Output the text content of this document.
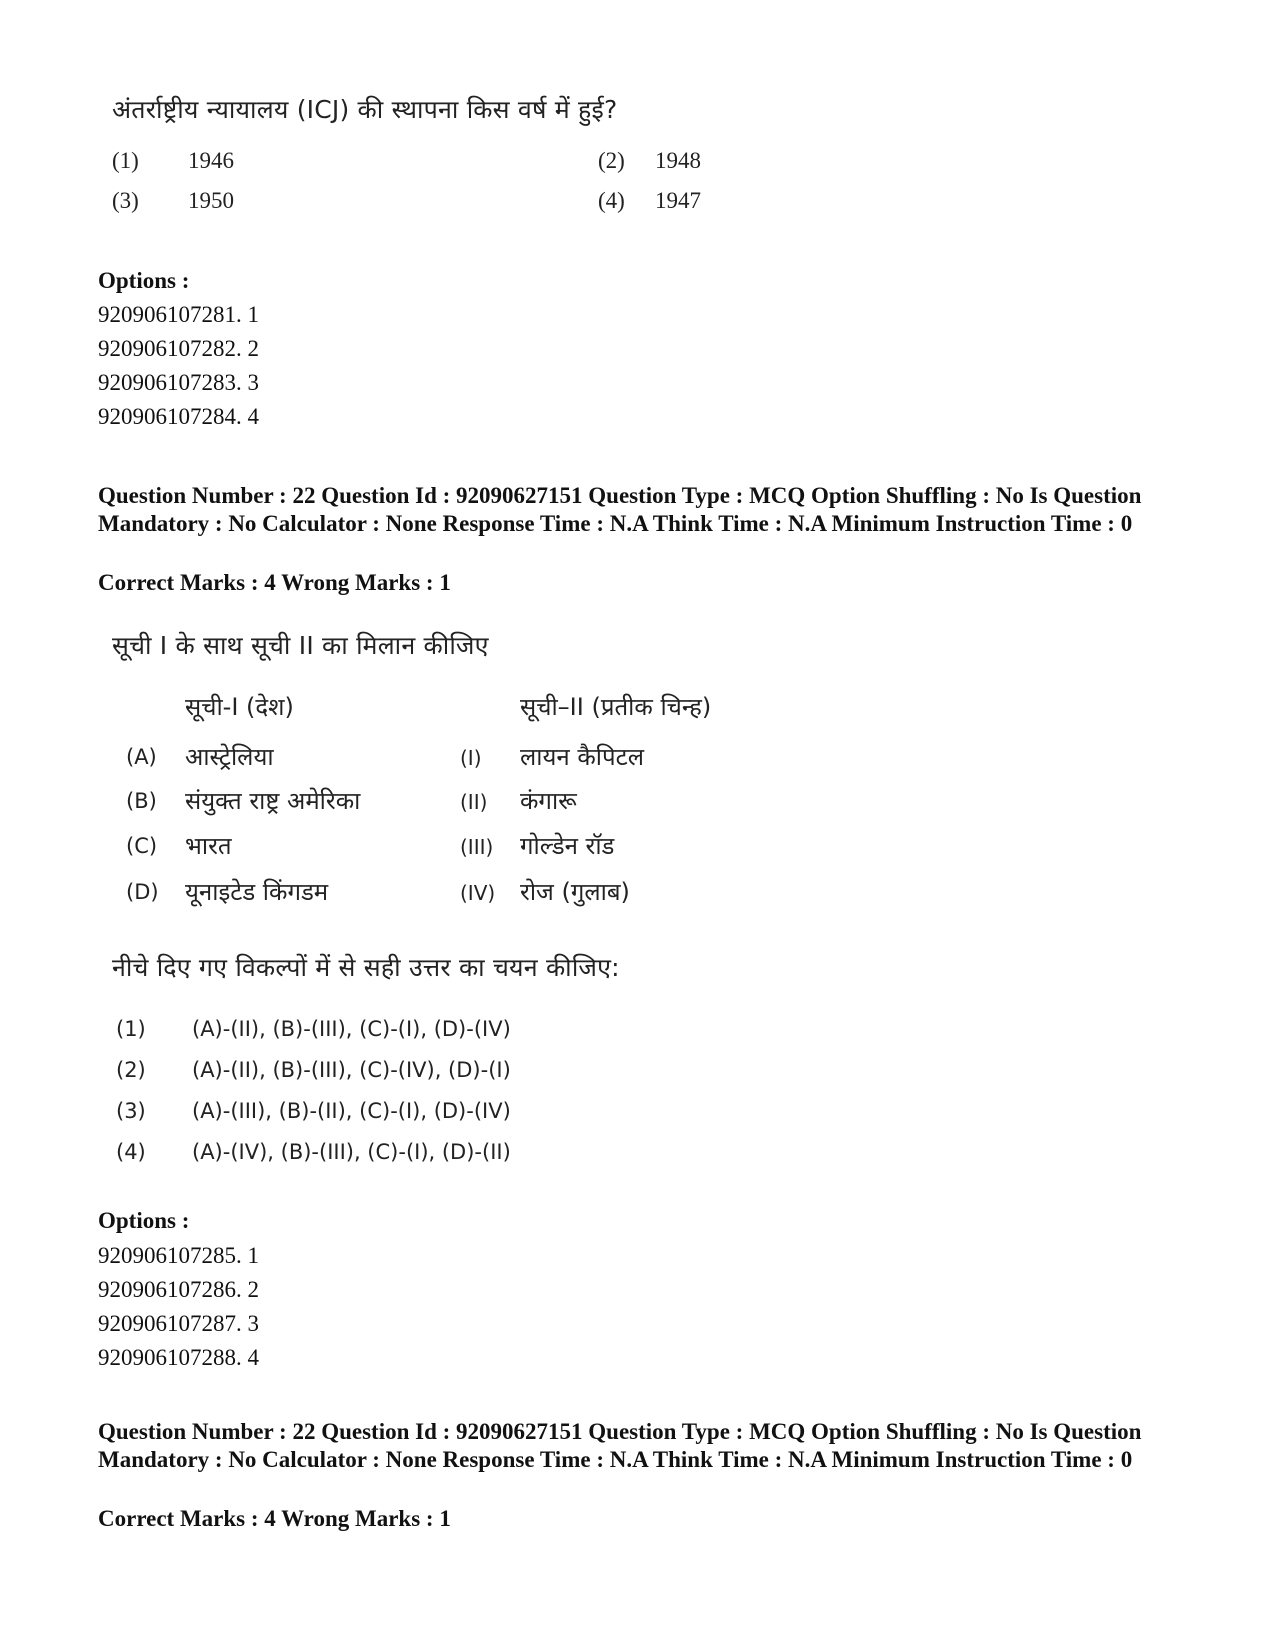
अंतर्राष्ट्रीय न्यायालय (ICJ) की स्थापना किस वर्ष में हुई?
(1) 1946	(2) 1948
(3) 1950	(4) 1947
Options :
920906107281. 1
920906107282. 2
920906107283. 3
920906107284. 4
Question Number : 22 Question Id : 92090627151 Question Type : MCQ Option Shuffling : No Is Question Mandatory : No Calculator : None Response Time : N.A Think Time : N.A Minimum Instruction Time : 0
Correct Marks : 4 Wrong Marks : 1
सूची I के साथ सूची II का मिलान कीजिए
सूची-I (देश)	सूची–II (प्रतीक चिन्ह)
(A) आस्ट्रेलिया	(I) लायन कैपिटल
(B) संयुक्त राष्ट्र अमेरिका	(II) कंगारू
(C) भारत	(III) गोल्डेन रॉड
(D) यूनाइटेड किंगडम	(IV) रोज (गुलाब)
नीचे दिए गए विकल्पों में से सही उत्तर का चयन कीजिए:
(1) (A)-(II), (B)-(III), (C)-(I), (D)-(IV)
(2) (A)-(II), (B)-(III), (C)-(IV), (D)-(I)
(3) (A)-(III), (B)-(II), (C)-(I), (D)-(IV)
(4) (A)-(IV), (B)-(III), (C)-(I), (D)-(II)
Options :
920906107285. 1
920906107286. 2
920906107287. 3
920906107288. 4
Question Number : 22 Question Id : 92090627151 Question Type : MCQ Option Shuffling : No Is Question Mandatory : No Calculator : None Response Time : N.A Think Time : N.A Minimum Instruction Time : 0
Correct Marks : 4 Wrong Marks : 1
